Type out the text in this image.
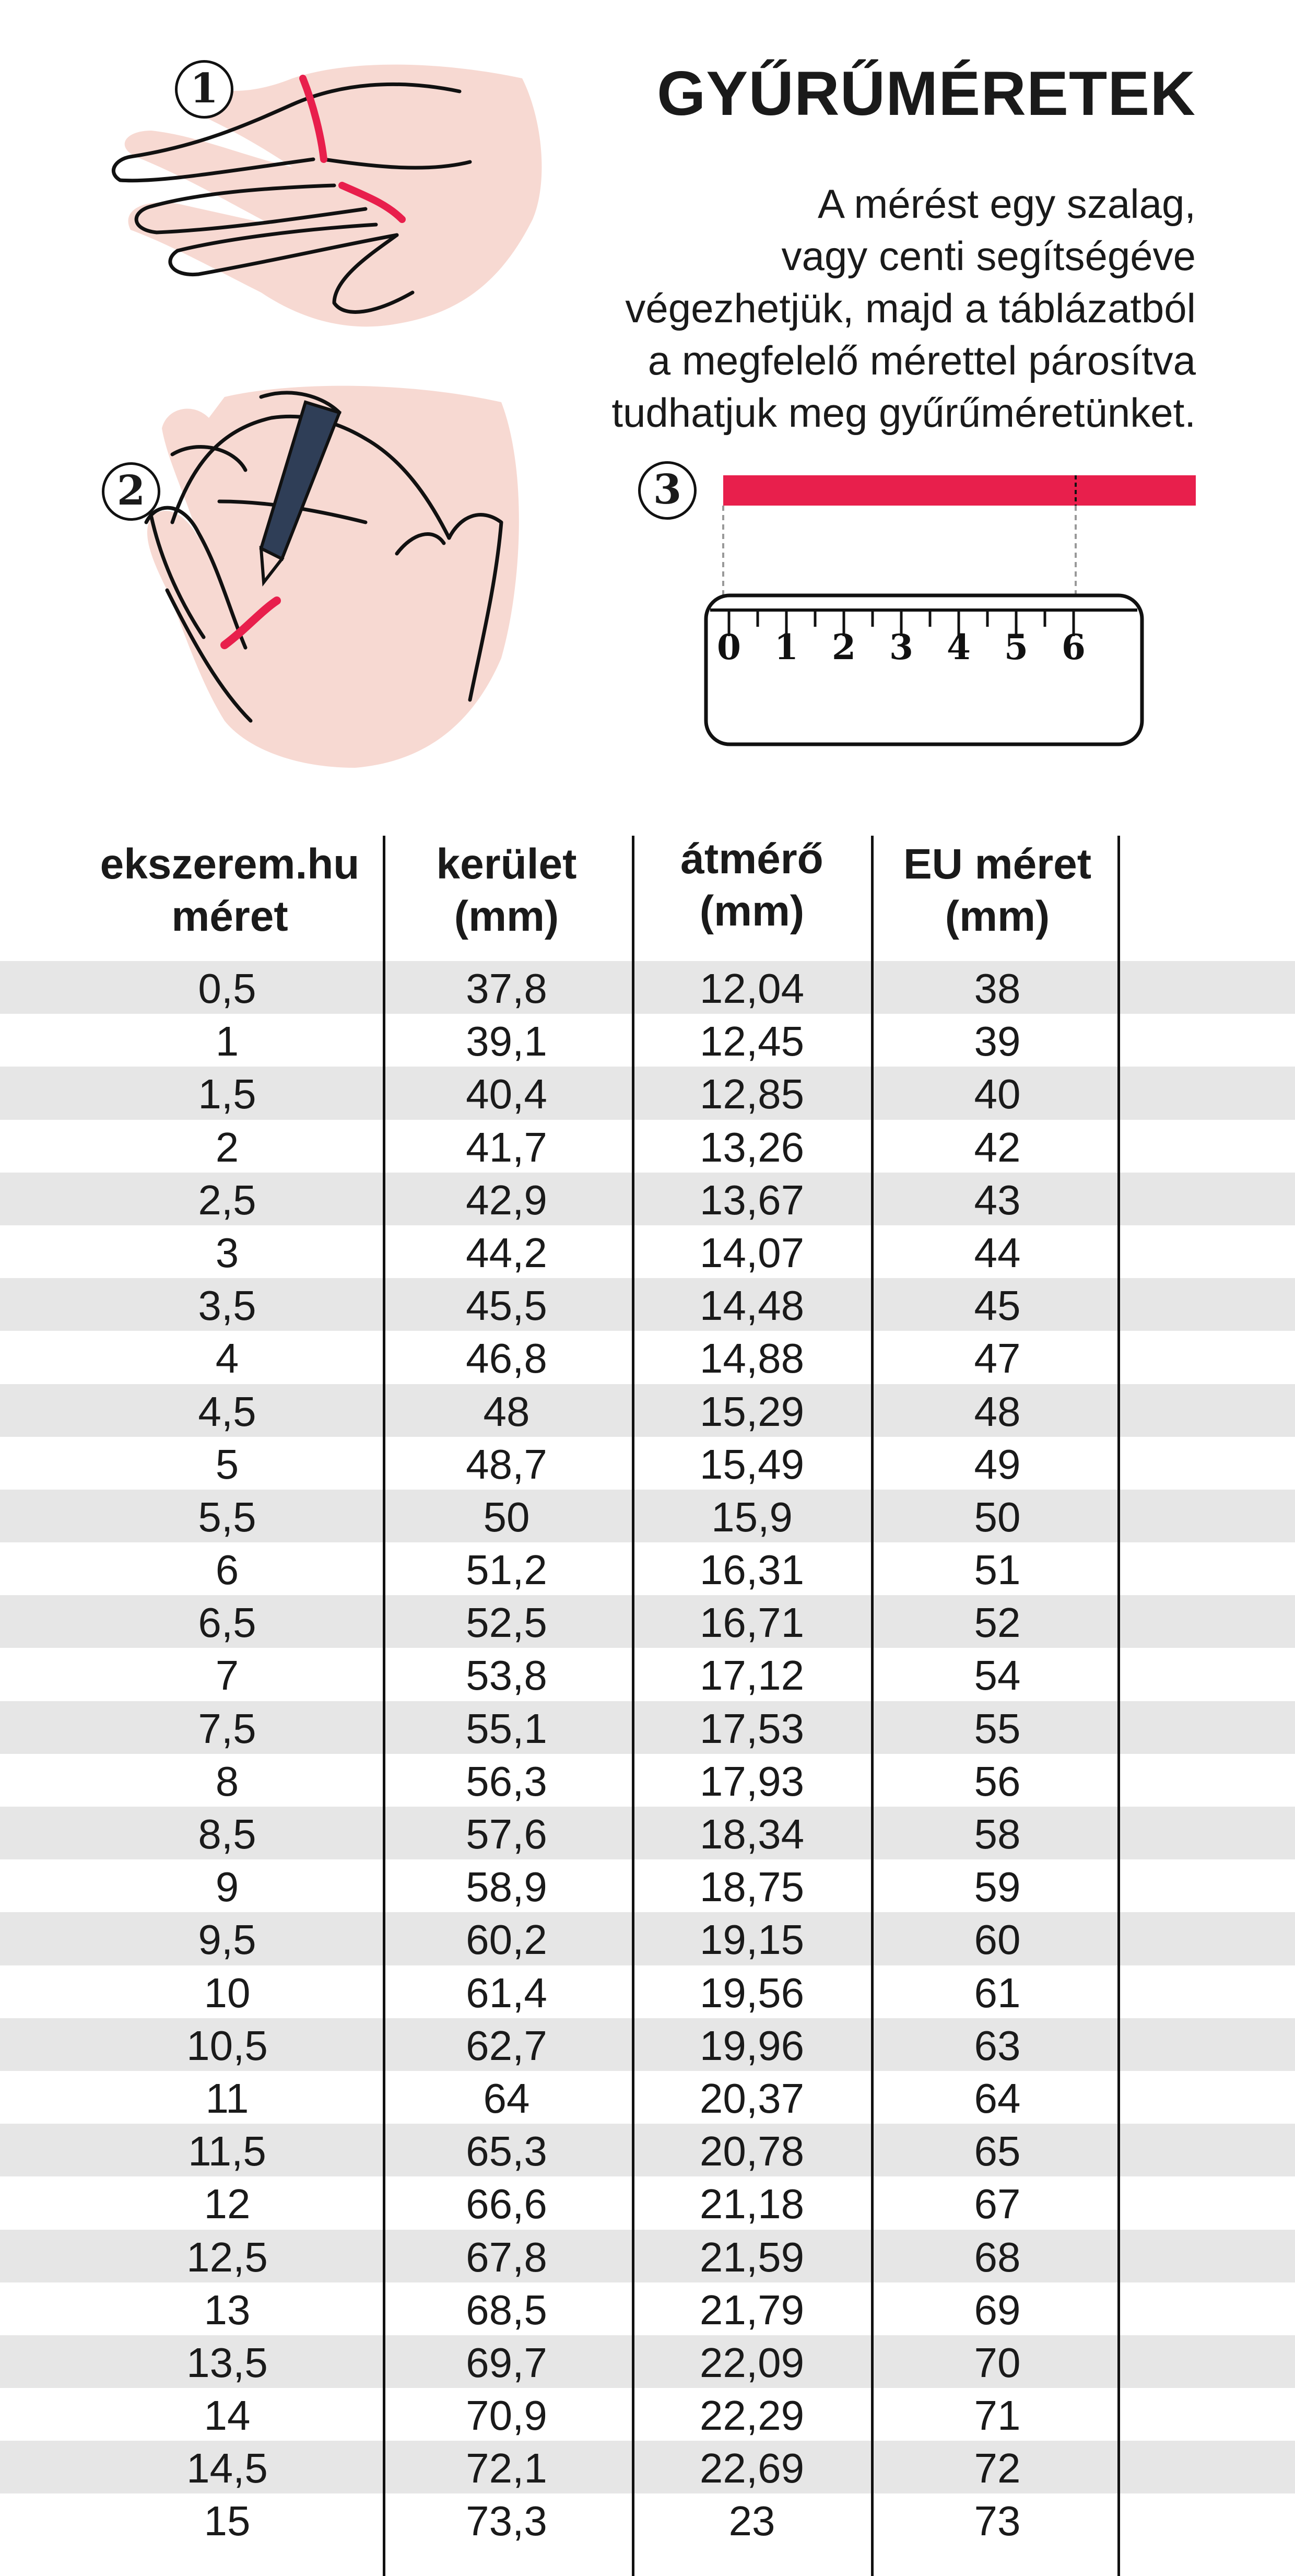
0 1 2 3 4 5 6
1
2	3
GYŰRŰMÉRETEK

A mérést egy szalag,
vagy centi segítségéve
végezhetjük, majd a táblázatból
a megfelelő mérettel párosítva
tudhatjuk meg gyűrűméretünket.

ekszerem.hu
méret
kerület
(mm)
átmérő
(mm)
EU méret
(mm)
0,5	37,8	12,04	38
1	39,1	12,45	39
1,5	40,4	12,85	40
2	41,7	13,26	42
2,5	42,9	13,67	43
3	44,2	14,07	44
3,5	45,5	14,48	45
4	46,8	14,88	47
4,5	48	15,29	48
5	48,7	15,49	49
5,5	50	15,9	50
6	51,2	16,31	51
6,5	52,5	16,71	52
7	53,8	17,12	54
7,5	55,1	17,53	55
8	56,3	17,93	56
8,5	57,6	18,34	58
9	58,9	18,75	59
9,5	60,2	19,15	60
10	61,4	19,56	61
10,5	62,7	19,96	63
11	64	20,37	64
11,5	65,3	20,78	65
12	66,6	21,18	67
12,5	67,8	21,59	68
13	68,5	21,79	69
13,5	69,7	22,09	70
14	70,9	22,29	71
14,5	72,1	22,69	72
15	73,3	23	73
